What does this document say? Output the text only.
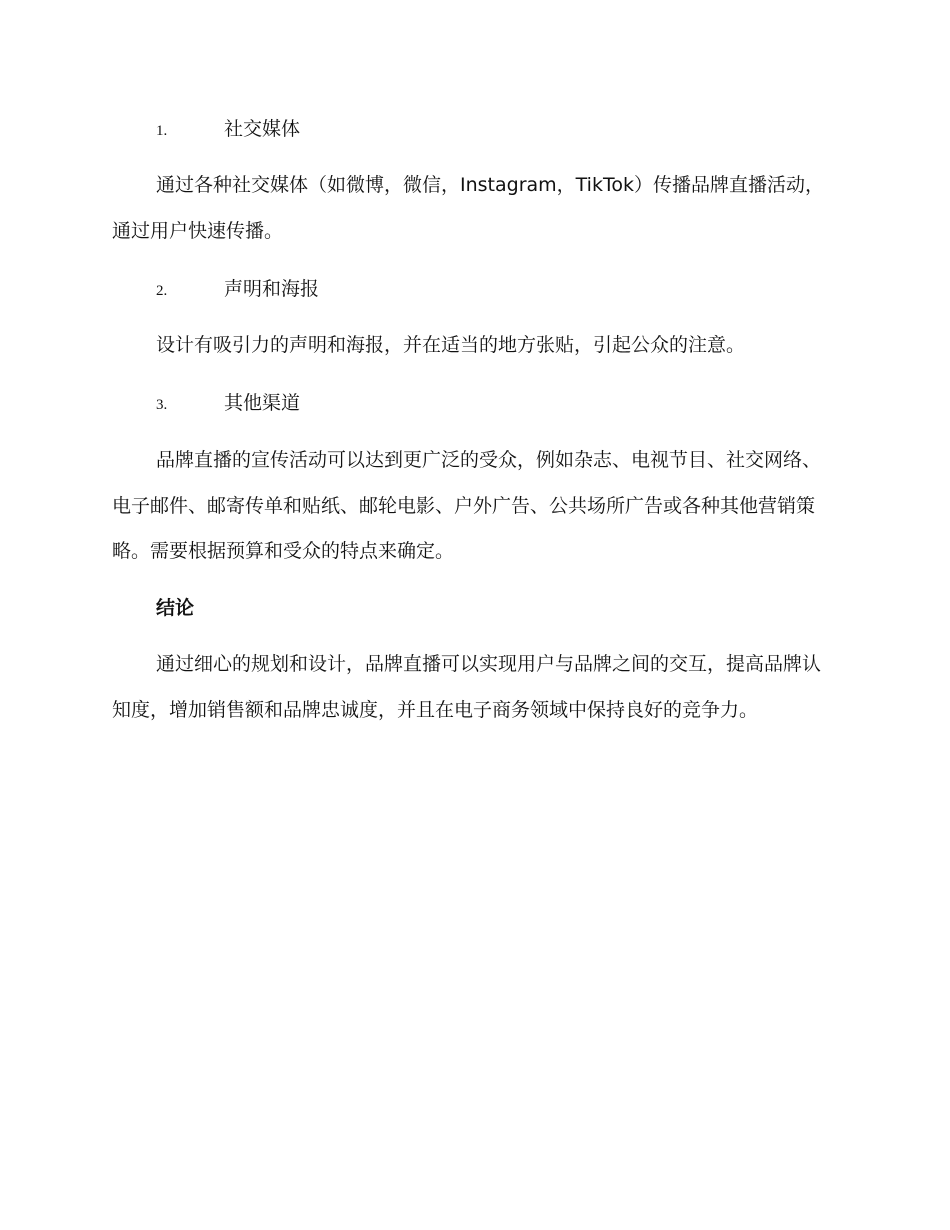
1.	社交媒体

通过各种社交媒体（如微博，微信，Instagram，TikTok）传播品牌直播活动，通过用户快速传播。

2.	声明和海报

设计有吸引力的声明和海报，并在适当的地方张贴，引起公众的注意。

3.	其他渠道

品牌直播的宣传活动可以达到更广泛的受众，例如杂志、电视节目、社交网络、电子邮件、邮寄传单和贴纸、邮轮电影、户外广告、公共场所广告或各种其他营销策略。需要根据预算和受众的特点来确定。

结论

通过细心的规划和设计，品牌直播可以实现用户与品牌之间的交互，提高品牌认知度，增加销售额和品牌忠诚度，并且在电子商务领域中保持良好的竞争力。
